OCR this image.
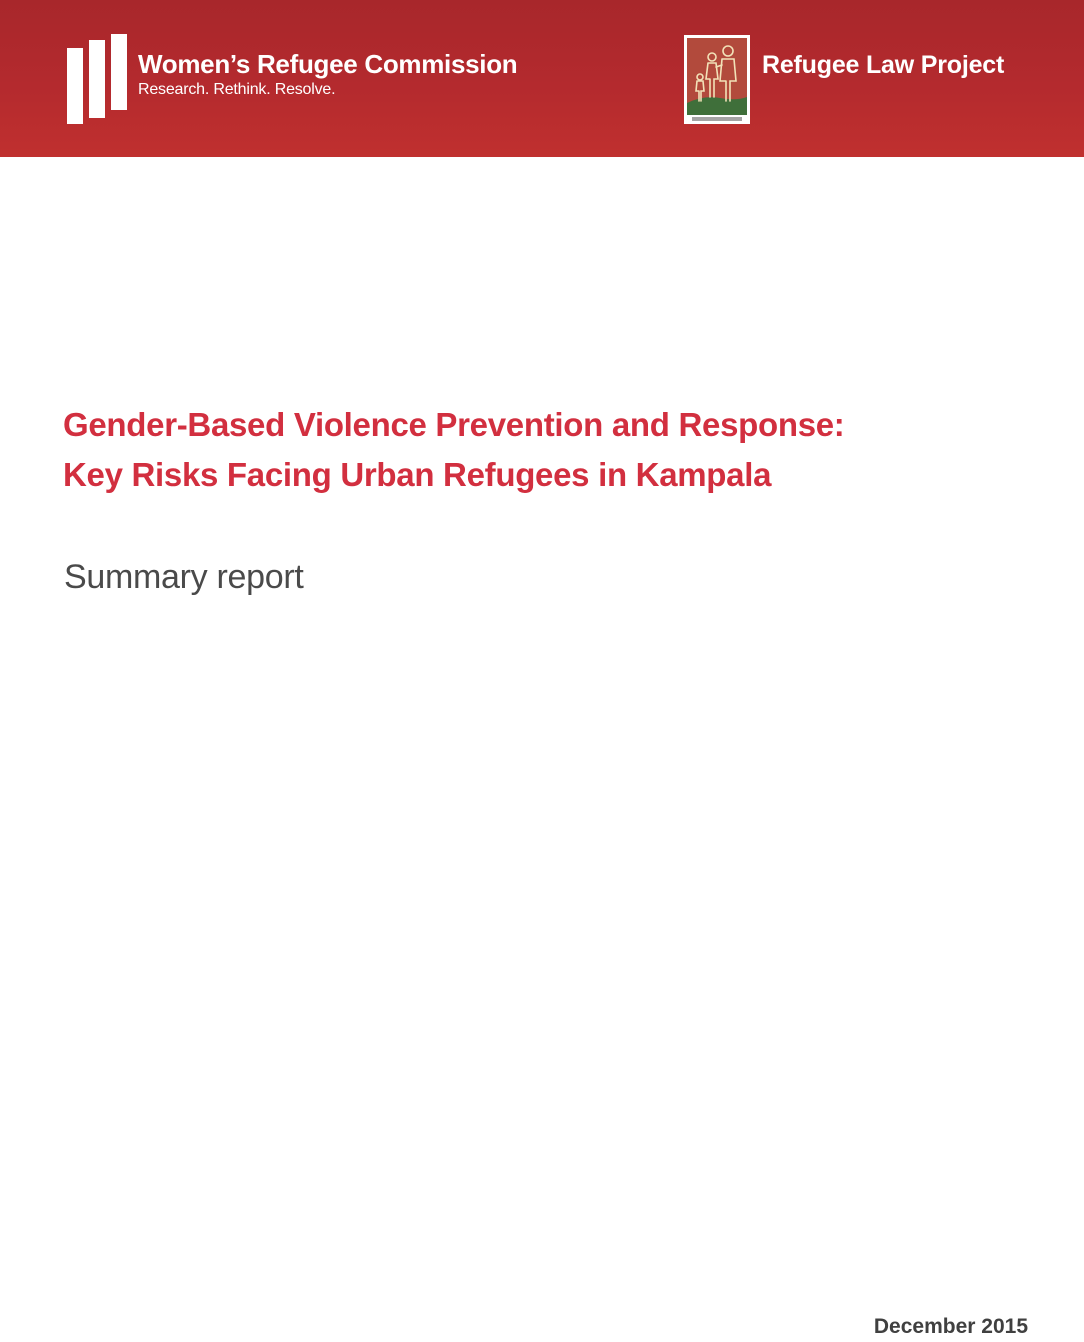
Women’s Refugee Commission
Research. Rethink. Resolve.
Refugee Law Project
Gender-Based Violence Prevention and Response:
Key Risks Facing Urban Refugees in Kampala
Summary report
December 2015
